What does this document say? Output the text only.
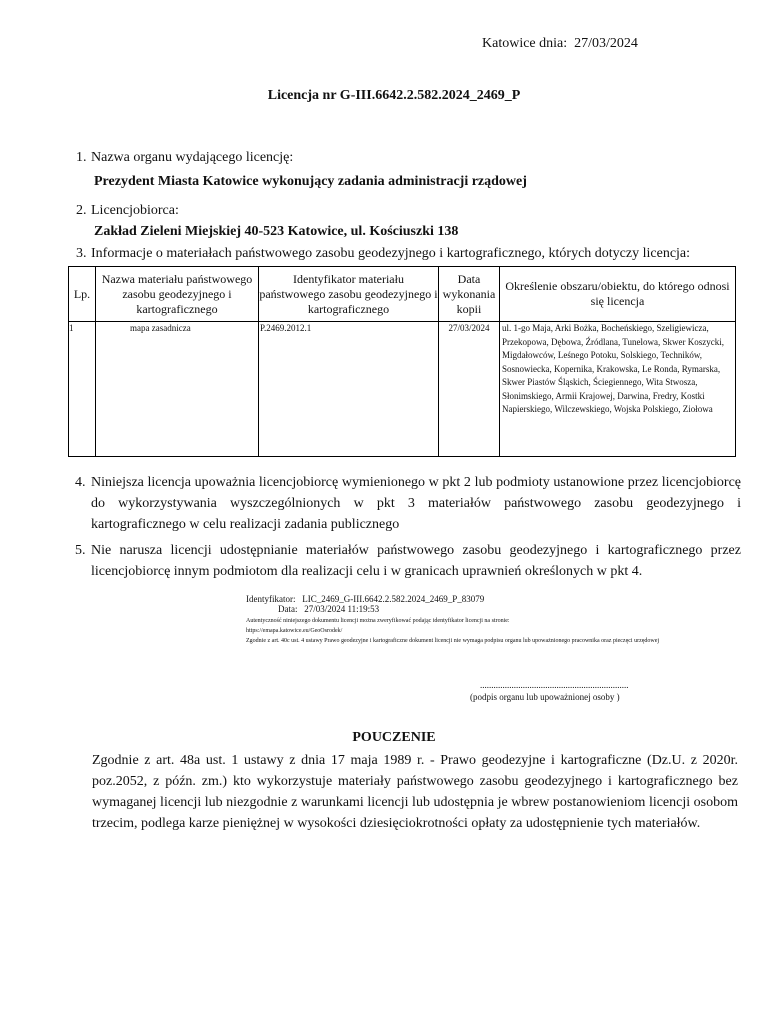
Katowice dnia: 27/03/2024
Licencja nr G-III.6642.2.582.2024_2469_P
1. Nazwa organu wydającego licencję:
Prezydent Miasta Katowice wykonujący zadania administracji rządowej
2. Licencjobiorca:
Zakład Zieleni Miejskiej 40-523 Katowice, ul. Kościuszki 138
3. Informacje o materiałach państwowego zasobu geodezyjnego i kartograficznego, których dotyczy licencja:
Lp.	Nazwa materiału państwowego zasobu geodezyjnego i kartograficznego	Identyfikator materiału państwowego zasobu geodezyjnego i kartograficznego	Data wykonania kopii	Określenie obszaru/obiektu, do którego odnosi się licencja
1	mapa zasadnicza	P.2469.2012.1	27/03/2024	ul. 1-go Maja, Arki Bożka, Bocheńskiego, Szeligiewicza, Przekopowa, Dębowa, Źródlana, Tunelowa, Skwer Koszycki, Migdałowców, Leśnego Potoku, Solskiego, Techników, Sosnowiecka, Kopernika, Krakowska, Le Ronda, Rymarska, Skwer Piastów Śląskich, Ściegiennego, Wita Stwosza, Słonimskiego, Armii Krajowej, Darwina, Fredry, Kostki Napierskiego, Wilczewskiego, Wojska Polskiego, Ziołowa
4. Niniejsza licencja upoważnia licencjobiorcę wymienionego w pkt 2 lub podmioty ustanowione przez licencjobiorcę do wykorzystywania wyszczególnionych w pkt 3 materiałów państwowego zasobu geodezyjnego i kartograficznego w celu realizacji zadania publicznego
5. Nie narusza licencji udostępnianie materiałów państwowego zasobu geodezyjnego i kartograficznego przez licencjobiorcę innym podmiotom dla realizacji celu i w granicach uprawnień określonych w pkt 4.
Identyfikator: LIC_2469_G-III.6642.2.582.2024_2469_P_83079
Data: 27/03/2024 11:19:53
Autentyczność niniejszego dokumentu licencji można zweryfikować podając identyfikator licencji na stronie:
https://emapa.katowice.eu/GeoOsrodek/
Zgodnie z art. 40c ust. 4 ustawy Prawo geodezyjne i kartograficzne dokument licencji nie wymaga podpisu organu lub upoważnionego pracownika oraz pieczęci urzędowej
..................................................................
(podpis organu lub upoważnionej osoby )
POUCZENIE
Zgodnie z art. 48a ust. 1 ustawy z dnia 17 maja 1989 r. - Prawo geodezyjne i kartograficzne (Dz.U. z 2020r. poz.2052, z późn. zm.) kto wykorzystuje materiały państwowego zasobu geodezyjnego i kartograficznego bez wymaganej licencji lub niezgodnie z warunkami licencji lub udostępnia je wbrew postanowieniom licencji osobom trzecim, podlega karze pieniężnej w wysokości dziesięciokrotności opłaty za udostępnienie tych materiałów.
